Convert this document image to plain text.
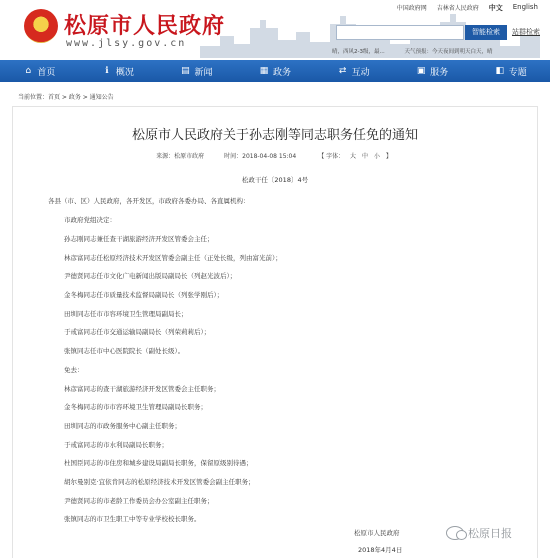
松原市人民政府
www.jlsy.gov.cn
中国政府网 吉林省人民政府 中文 English
智能检索	站群检索
晴，西风2-3级，最...	天气预报：今天夜间到明天白天，晴
⌂ 首页	ℹ 概况	▤ 新闻	▦ 政务	⇄ 互动	▣ 服务	◧ 专题
当前位置：首页 > 政务 > 通知公告
松原市人民政府关于孙志刚等同志职务任免的通知
来源：松原市政府	时间：2018-04-08 15:04	【 字体： 大 中 小 】
松政干任〔2018〕4号
各县（市、区）人民政府，各开发区，市政府各委办局、各直属机构：
市政府党组决定：
孙志刚同志兼任查干湖旅游经济开发区管委会主任；
林彦富同志任松原经济技术开发区管委会副主任（正处长级，列由富光前）；
尹德贤同志任市文化广电新闻出版局副局长（列赵光波后）；
金冬梅同志任市质量技术监督局副局长（列张学刚后）；
田圳同志任市市容环境卫生管理局副局长；
于戒富同志任市交通运输局副局长（列荣莉莉后）；
张镇同志任市中心医院院长（副处长级）。
免去：
林彦富同志的查干湖旅游经济开发区管委会主任职务；
金冬梅同志的市市容环境卫生管理局副局长职务；
田圳同志的市政务服务中心副主任职务；
于戒富同志的市水利局副局长职务；
杜国臣同志的市住房和城乡建设局副局长职务，保留原级别待遇；
胡尔曼别克·宜依肯同志的松原经济技术开发区管委会副主任职务；
尹德贤同志的市老龄工作委员会办公室副主任职务；
张镇同志的市卫生职工中等专业学校校长职务。
松原市人民政府
2018年4月4日
松原日报
